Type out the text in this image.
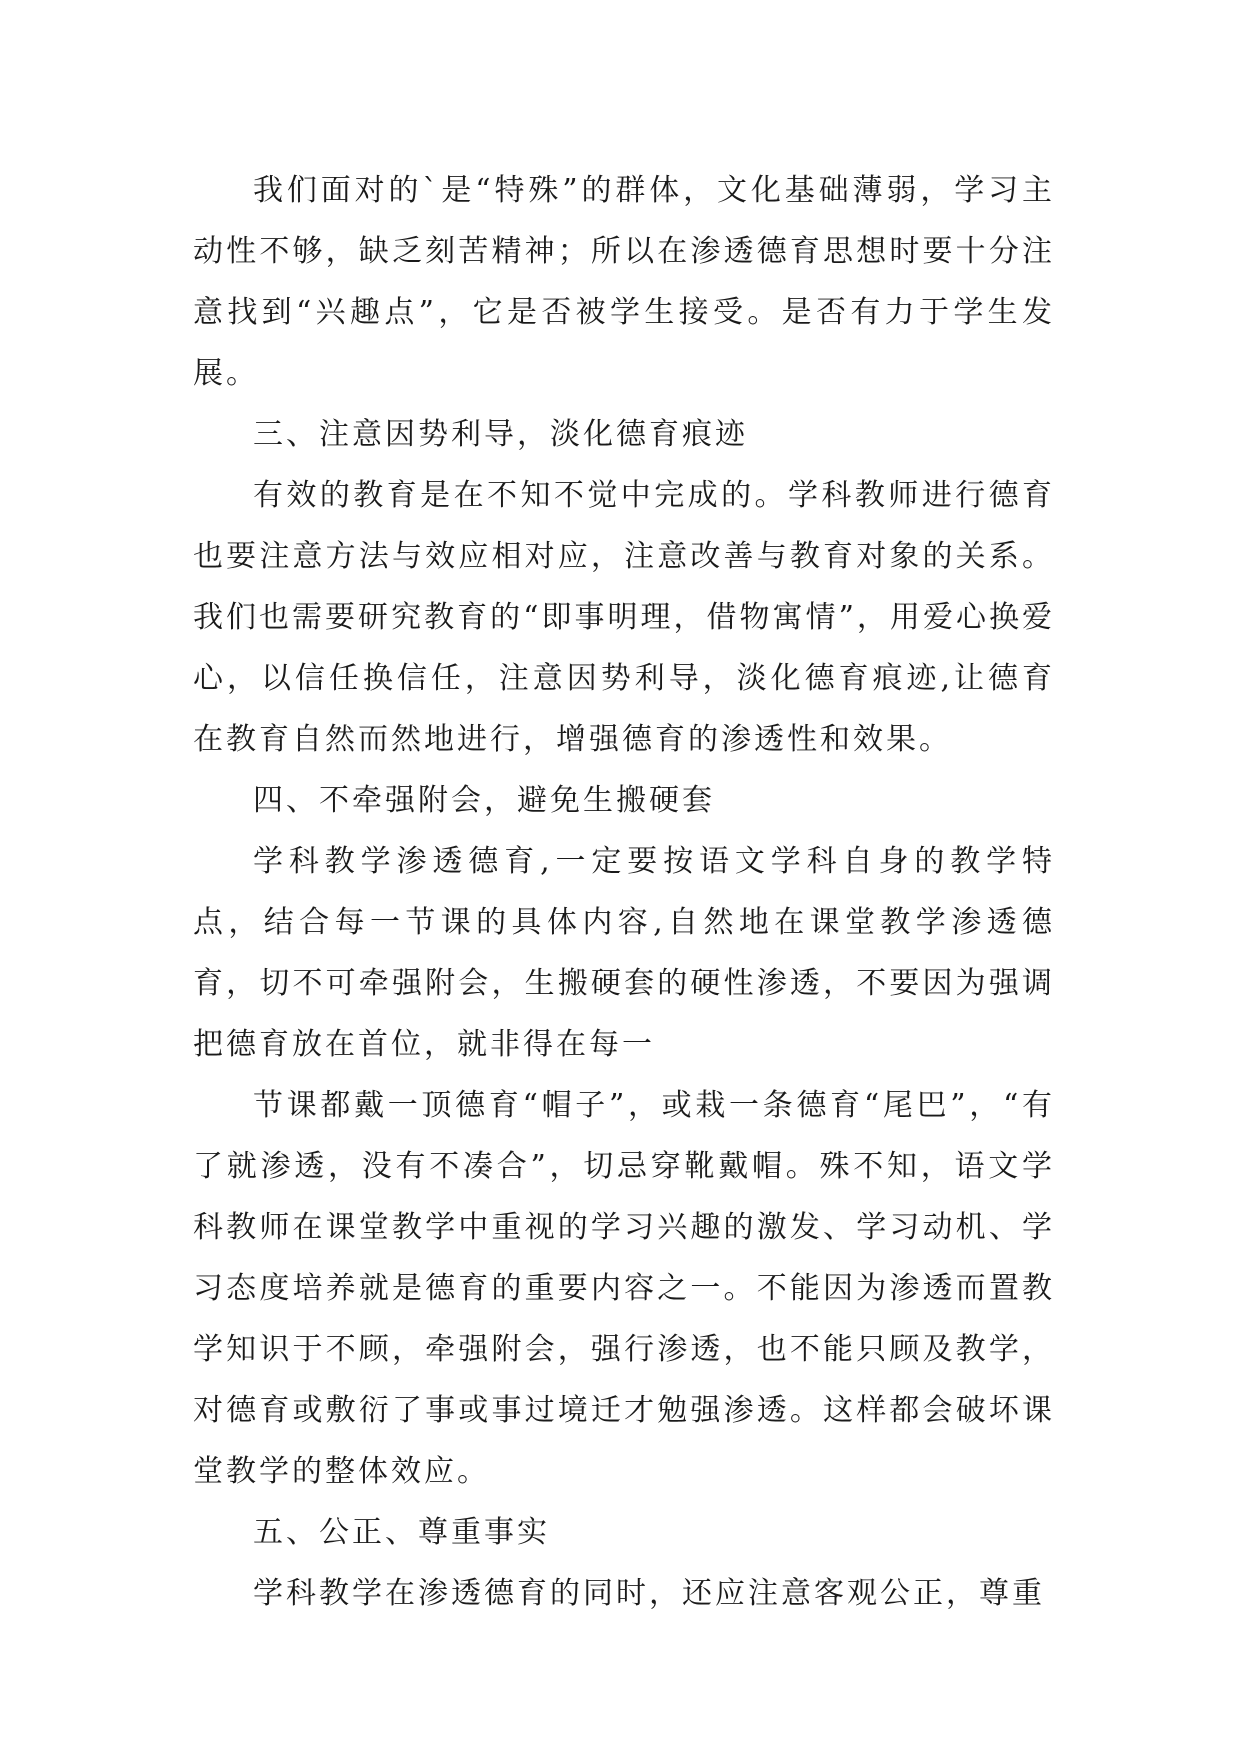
我们面对的`是“特殊”的群体，文化基础薄弱，学习主动性不够，缺乏刻苦精神；所以在渗透德育思想时要十分注意找到“兴趣点”，它是否被学生接受。是否有力于学生发展。

三、注意因势利导，淡化德育痕迹

有效的教育是在不知不觉中完成的。学科教师进行德育也要注意方法与效应相对应，注意改善与教育对象的关系。我们也需要研究教育的“即事明理，借物寓情”，用爱心换爱心，以信任换信任，注意因势利导，淡化德育痕迹,让德育在教育自然而然地进行，增强德育的渗透性和效果。

四、不牵强附会，避免生搬硬套

学科教学渗透德育,一定要按语文学科自身的教学特点，结合每一节课的具体内容,自然地在课堂教学渗透德育，切不可牵强附会，生搬硬套的硬性渗透，不要因为强调把德育放在首位，就非得在每一

节课都戴一顶德育“帽子”，或栽一条德育“尾巴”，“有了就渗透，没有不凑合”，切忌穿靴戴帽。殊不知，语文学科教师在课堂教学中重视的学习兴趣的激发、学习动机、学习态度培养就是德育的重要内容之一。不能因为渗透而置教学知识于不顾，牵强附会，强行渗透，也不能只顾及教学，对德育或敷衍了事或事过境迁才勉强渗透。这样都会破坏课堂教学的整体效应。

五、公正、尊重事实

学科教学在渗透德育的同时，还应注意客观公正，尊重
